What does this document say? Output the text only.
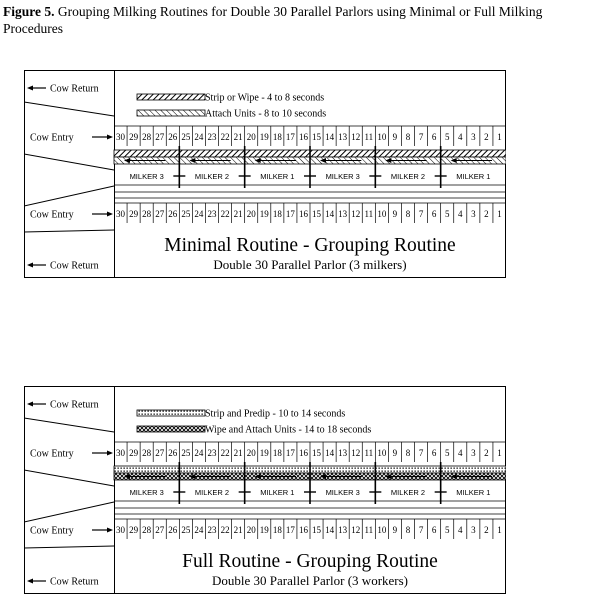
Figure 5. Grouping Milking Routines for Double 30 Parallel Parlors using Minimal or Full Milking Procedures
Cow Return
Cow Entry
Cow Entry
Cow Return
Strip or Wipe - 4 to 8 seconds
Attach Units - 8 to 10 seconds
30 29 28 27 26 25 24 23 22 21 20 19 18 17 16 15 14 13 12 11 10 9 8 7 6 5 4 3 2 1
30 29 28 27 26 25 24 23 22 21 20 19 18 17 16 15 14 13 12 11 10 9 8 7 6 5 4 3 2 1
MILKER 3	MILKER 2	MILKER 1	MILKER 3	MILKER 2	MILKER 1
Minimal Routine - Grouping Routine
Double 30 Parallel Parlor (3 milkers)
Cow Return
Cow Entry
Cow Entry
Cow Return
Strip and Predip - 10 to 14 seconds
Wipe and Attach Units - 14 to 18 seconds
30 29 28 27 26 25 24 23 22 21 20 19 18 17 16 15 14 13 12 11 10 9 8 7 6 5 4 3 2 1
30 29 28 27 26 25 24 23 22 21 20 19 18 17 16 15 14 13 12 11 10 9 8 7 6 5 4 3 2 1
MILKER 3	MILKER 2	MILKER 1	MILKER 3	MILKER 2	MILKER 1
Full Routine - Grouping Routine
Double 30 Parallel Parlor (3 workers)
